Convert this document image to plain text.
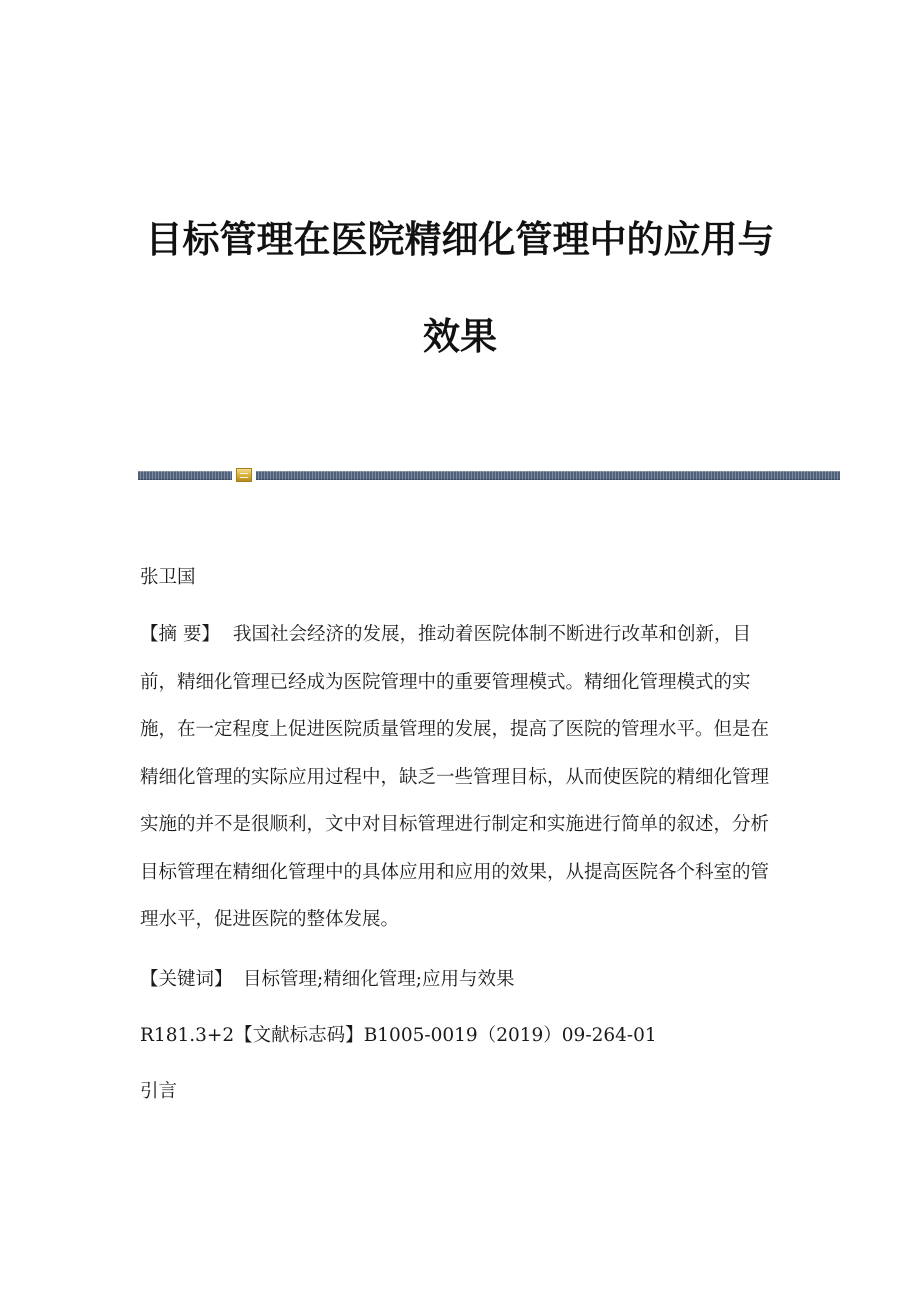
目标管理在医院精细化管理中的应用与
效果
张卫国
【摘 要】 我国社会经济的发展，推动着医院体制不断进行改革和创新，目
前，精细化管理已经成为医院管理中的重要管理模式。精细化管理模式的实
施，在一定程度上促进医院质量管理的发展，提高了医院的管理水平。但是在
精细化管理的实际应用过程中，缺乏一些管理目标，从而使医院的精细化管理
实施的并不是很顺利，文中对目标管理进行制定和实施进行简单的叙述，分析
目标管理在精细化管理中的具体应用和应用的效果，从提高医院各个科室的管
理水平，促进医院的整体发展。
【关键词】 目标管理;精细化管理;应用与效果
R181.3+2【文献标志码】B1005-0019（2019）09-264-01
引言
